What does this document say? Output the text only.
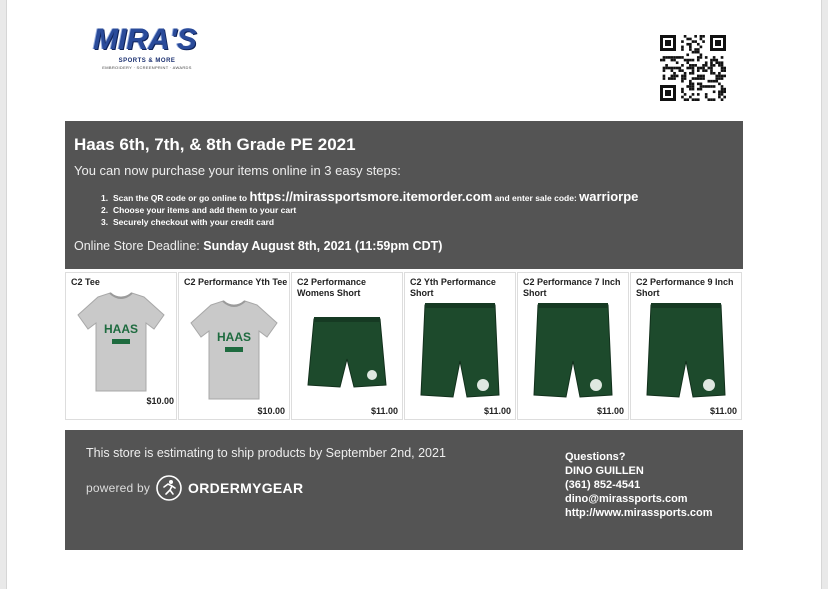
MIRA'S
SPORTS & MORE
EMBROIDERY · SCREENPRINT · AWARDS
Haas 6th, 7th, & 8th Grade PE 2021
You can now purchase your items online in 3 easy steps:
1. Scan the QR code or go online to https://mirassportsmore.itemorder.com and enter sale code: warriorpe
2. Choose your items and add them to your cart
3. Securely checkout with your credit card
Online Store Deadline: Sunday August 8th, 2021 (11:59pm CDT)
C2 Tee
HAAS
$10.00
C2 Performance Yth Tee
HAAS
$10.00
C2 Performance Womens Short
$11.00
C2 Yth Performance Short
$11.00
C2 Performance 7 Inch Short
$11.00
C2 Performance 9 Inch Short
$11.00
This store is estimating to ship products by September 2nd, 2021
powered by	ORDERMYGEAR
Questions?
DINO GUILLEN
(361) 852-4541
dino@mirassports.com
http://www.mirassports.com
